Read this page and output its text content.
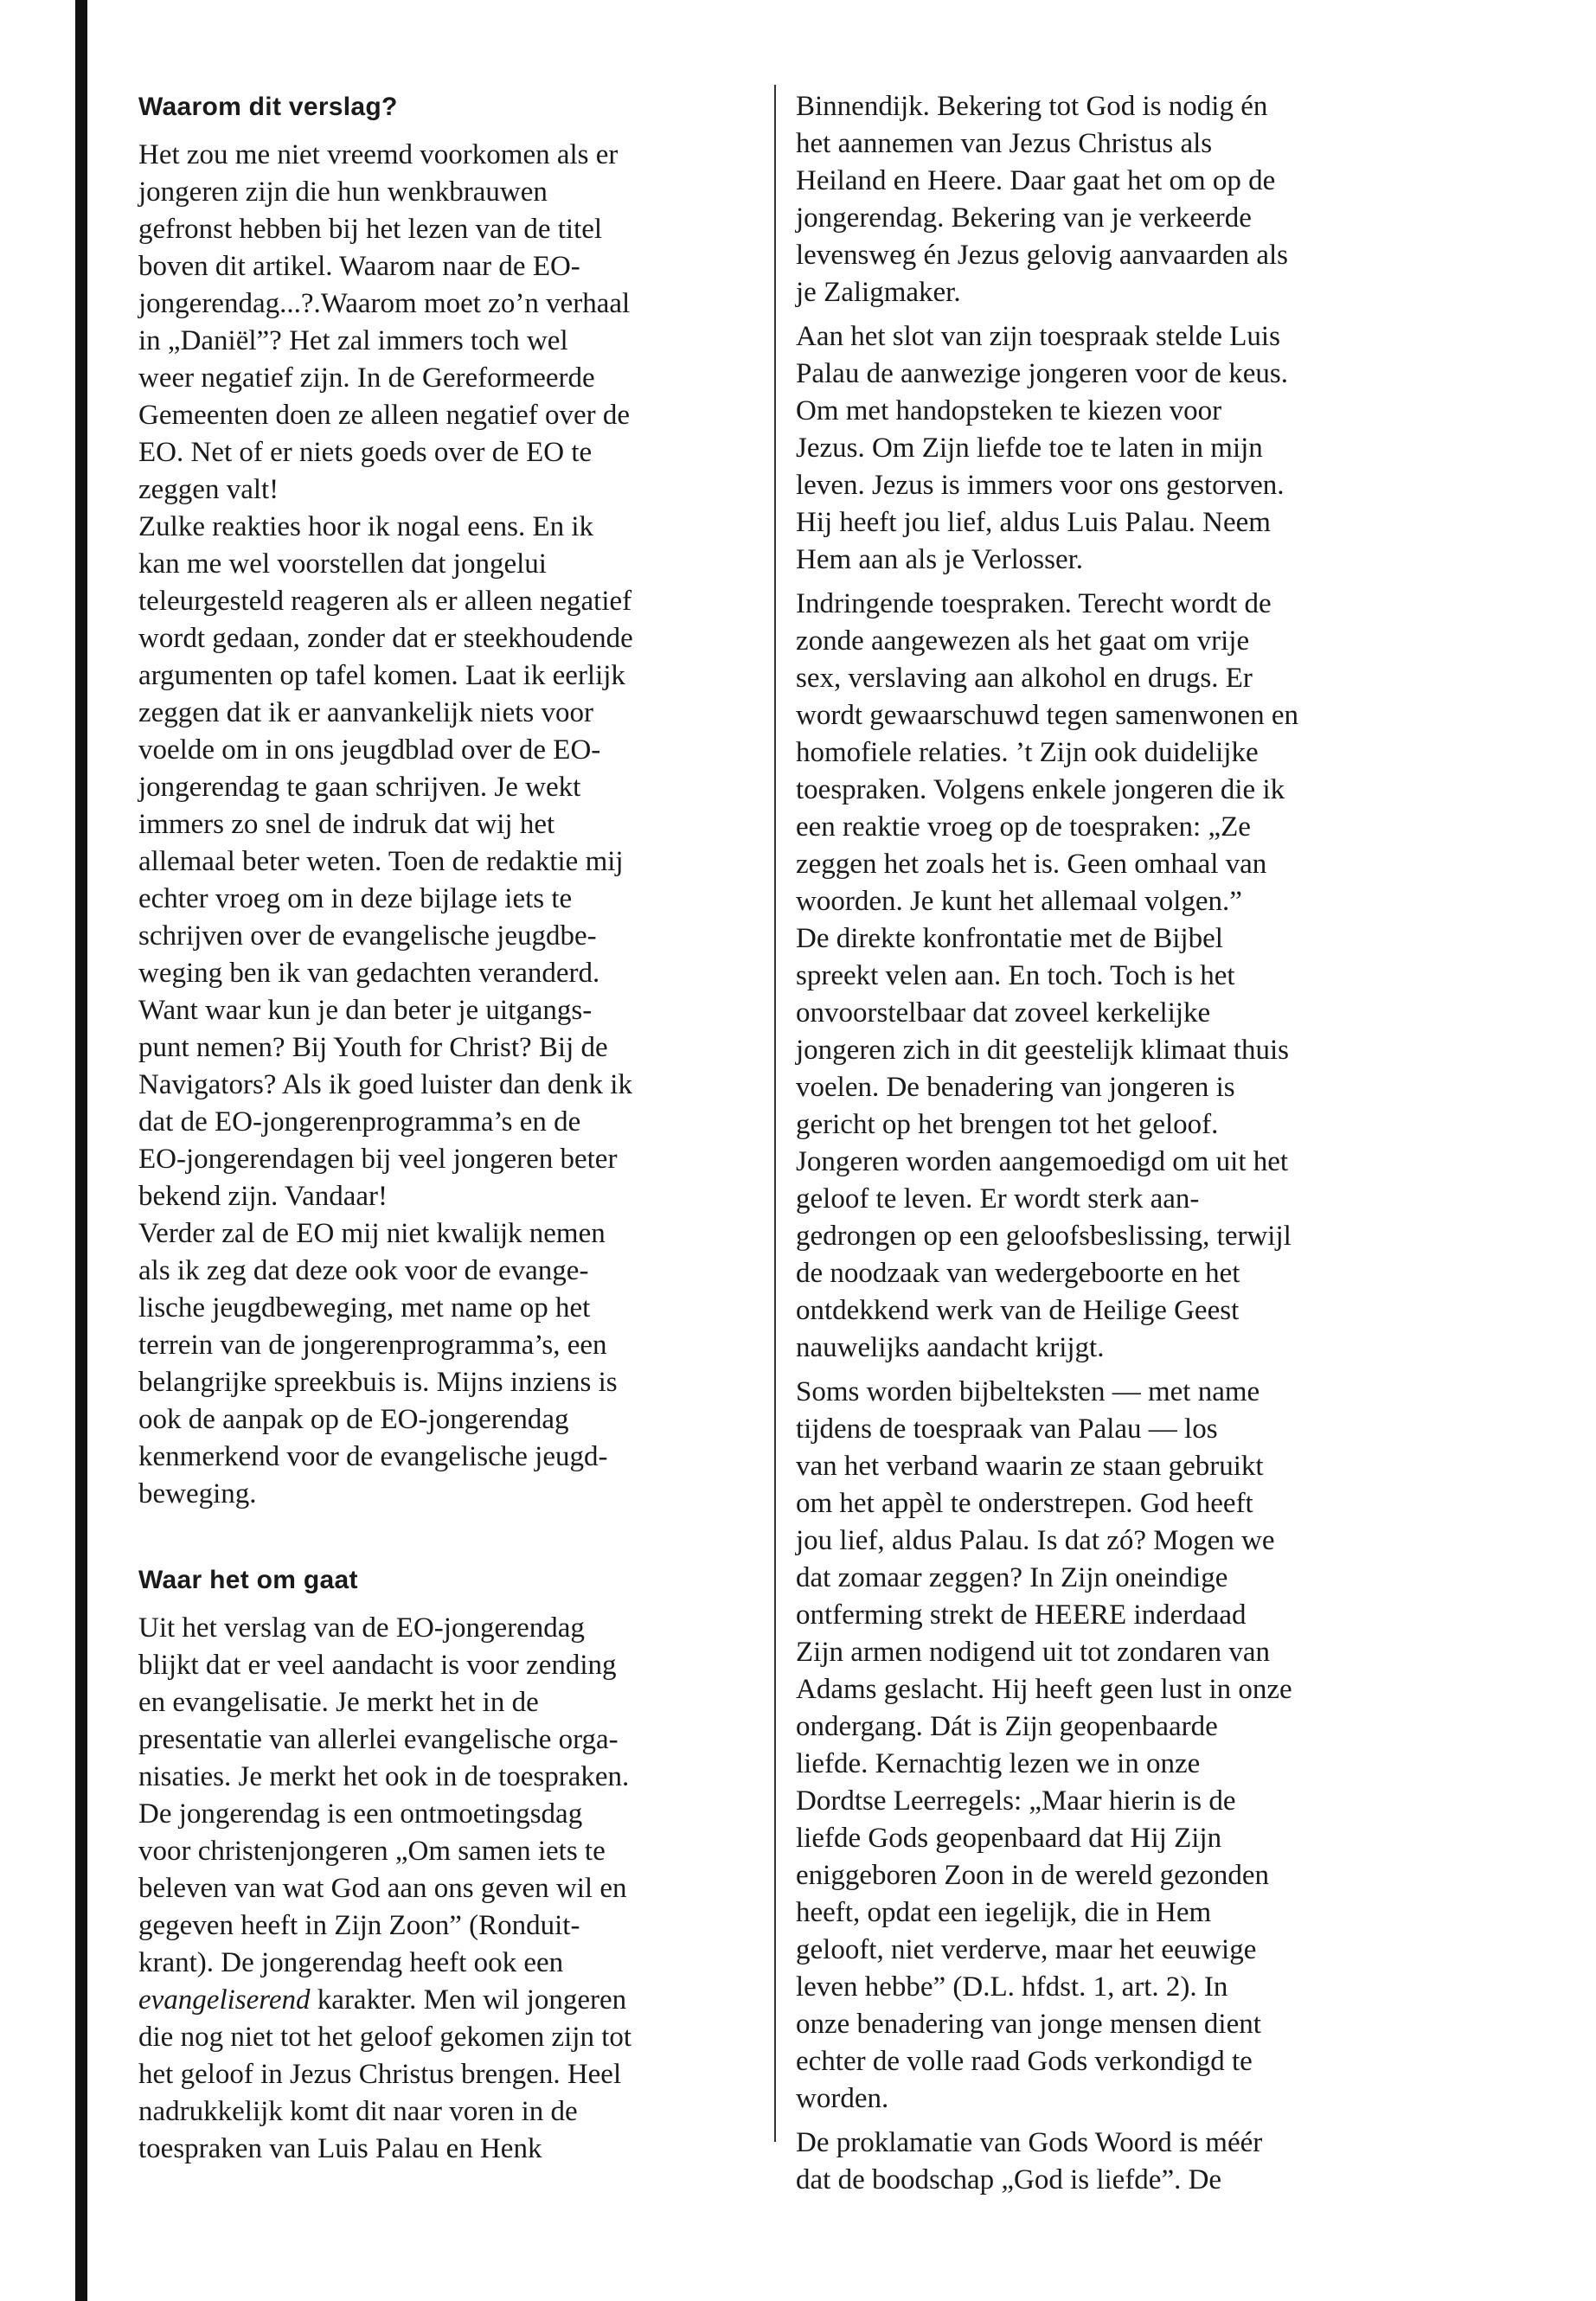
Waarom dit verslag?
Het zou me niet vreemd voorkomen als er
jongeren zijn die hun wenkbrauwen
gefronst hebben bij het lezen van de titel
boven dit artikel. Waarom naar de EO-
jongerendag...?.Waarom moet zo’n verhaal
in „Daniël”? Het zal immers toch wel
weer negatief zijn. In de Gereformeerde
Gemeenten doen ze alleen negatief over de
EO. Net of er niets goeds over de EO te
zeggen valt!
Zulke reakties hoor ik nogal eens. En ik
kan me wel voorstellen dat jongelui
teleurgesteld reageren als er alleen negatief
wordt gedaan, zonder dat er steekhoudende
argumenten op tafel komen. Laat ik eerlijk
zeggen dat ik er aanvankelijk niets voor
voelde om in ons jeugdblad over de EO-
jongerendag te gaan schrijven. Je wekt
immers zo snel de indruk dat wij het
allemaal beter weten. Toen de redaktie mij
echter vroeg om in deze bijlage iets te
schrijven over de evangelische jeugdbe-
weging ben ik van gedachten veranderd.
Want waar kun je dan beter je uitgangs-
punt nemen? Bij Youth for Christ? Bij de
Navigators? Als ik goed luister dan denk ik
dat de EO-jongerenprogramma’s en de
EO-jongerendagen bij veel jongeren beter
bekend zijn. Vandaar!
Verder zal de EO mij niet kwalijk nemen
als ik zeg dat deze ook voor de evange-
lische jeugdbeweging, met name op het
terrein van de jongerenprogramma’s, een
belangrijke spreekbuis is. Mijns inziens is
ook de aanpak op de EO-jongerendag
kenmerkend voor de evangelische jeugd-
beweging.
Waar het om gaat
Uit het verslag van de EO-jongerendag
blijkt dat er veel aandacht is voor zending
en evangelisatie. Je merkt het in de
presentatie van allerlei evangelische orga-
nisaties. Je merkt het ook in de toespraken.
De jongerendag is een ontmoetingsdag
voor christenjongeren „Om samen iets te
beleven van wat God aan ons geven wil en
gegeven heeft in Zijn Zoon” (Ronduit-
krant). De jongerendag heeft ook een
evangeliserend karakter. Men wil jongeren
die nog niet tot het geloof gekomen zijn tot
het geloof in Jezus Christus brengen. Heel
nadrukkelijk komt dit naar voren in de
toespraken van Luis Palau en Henk
Binnendijk. Bekering tot God is nodig én
het aannemen van Jezus Christus als
Heiland en Heere. Daar gaat het om op de
jongerendag. Bekering van je verkeerde
levensweg én Jezus gelovig aanvaarden als
je Zaligmaker.
Aan het slot van zijn toespraak stelde Luis
Palau de aanwezige jongeren voor de keus.
Om met handopsteken te kiezen voor
Jezus. Om Zijn liefde toe te laten in mijn
leven. Jezus is immers voor ons gestorven.
Hij heeft jou lief, aldus Luis Palau. Neem
Hem aan als je Verlosser.
Indringende toespraken. Terecht wordt de
zonde aangewezen als het gaat om vrije
sex, verslaving aan alkohol en drugs. Er
wordt gewaarschuwd tegen samenwonen en
homofiele relaties. ’t Zijn ook duidelijke
toespraken. Volgens enkele jongeren die ik
een reaktie vroeg op de toespraken: „Ze
zeggen het zoals het is. Geen omhaal van
woorden. Je kunt het allemaal volgen.”
De direkte konfrontatie met de Bijbel
spreekt velen aan. En toch. Toch is het
onvoorstelbaar dat zoveel kerkelijke
jongeren zich in dit geestelijk klimaat thuis
voelen. De benadering van jongeren is
gericht op het brengen tot het geloof.
Jongeren worden aangemoedigd om uit het
geloof te leven. Er wordt sterk aan-
gedrongen op een geloofsbeslissing, terwijl
de noodzaak van wedergeboorte en het
ontdekkend werk van de Heilige Geest
nauwelijks aandacht krijgt.
Soms worden bijbelteksten — met name
tijdens de toespraak van Palau — los
van het verband waarin ze staan gebruikt
om het appèl te onderstrepen. God heeft
jou lief, aldus Palau. Is dat zó? Mogen we
dat zomaar zeggen? In Zijn oneindige
ontferming strekt de HEERE inderdaad
Zijn armen nodigend uit tot zondaren van
Adams geslacht. Hij heeft geen lust in onze
ondergang. Dát is Zijn geopenbaarde
liefde. Kernachtig lezen we in onze
Dordtse Leerregels: „Maar hierin is de
liefde Gods geopenbaard dat Hij Zijn
eniggeboren Zoon in de wereld gezonden
heeft, opdat een iegelijk, die in Hem
gelooft, niet verderve, maar het eeuwige
leven hebbe” (D.L. hfdst. 1, art. 2). In
onze benadering van jonge mensen dient
echter de volle raad Gods verkondigd te
worden.
De proklamatie van Gods Woord is méér
dat de boodschap „God is liefde”. De
